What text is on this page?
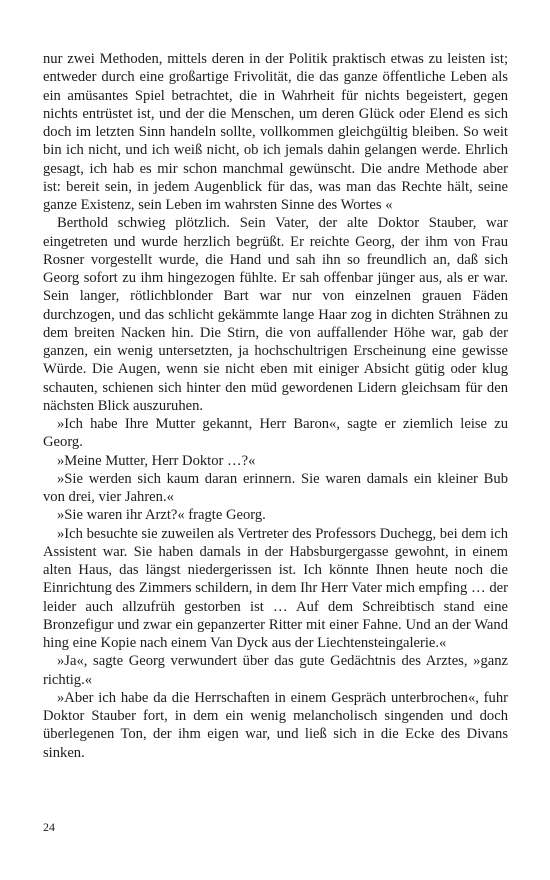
nur zwei Methoden, mittels deren in der Politik praktisch etwas zu leisten ist; entweder durch eine großartige Frivolität, die das ganze öffentliche Leben als ein amüsantes Spiel betrachtet, die in Wahrheit für nichts begeistert, gegen nichts entrüstet ist, und der die Menschen, um deren Glück oder Elend es sich doch im letzten Sinn handeln sollte, vollkommen gleichgültig bleiben. So weit bin ich nicht, und ich weiß nicht, ob ich jemals dahin gelangen werde. Ehrlich gesagt, ich hab es mir schon manchmal gewünscht. Die andre Methode aber ist: bereit sein, in jedem Augenblick für das, was man das Rechte hält, seine ganze Existenz, sein Leben im wahrsten Sinne des Wortes «

Berthold schwieg plötzlich. Sein Vater, der alte Doktor Stauber, war eingetreten und wurde herzlich begrüßt. Er reichte Georg, der ihm von Frau Rosner vorgestellt wurde, die Hand und sah ihn so freundlich an, daß sich Georg sofort zu ihm hingezogen fühlte. Er sah offenbar jünger aus, als er war. Sein langer, rötlichblonder Bart war nur von einzelnen grauen Fäden durchzogen, und das schlicht gekämmte lange Haar zog in dichten Strähnen zu dem breiten Nacken hin. Die Stirn, die von auffallender Höhe war, gab der ganzen, ein wenig untersetzten, ja hochschultrigen Erscheinung eine gewisse Würde. Die Augen, wenn sie nicht eben mit einiger Absicht gütig oder klug schauten, schienen sich hinter den müd gewordenen Lidern gleichsam für den nächsten Blick auszuruhen.

»Ich habe Ihre Mutter gekannt, Herr Baron«, sagte er ziemlich leise zu Georg.

»Meine Mutter, Herr Doktor …?«

»Sie werden sich kaum daran erinnern. Sie waren damals ein kleiner Bub von drei, vier Jahren.«

»Sie waren ihr Arzt?« fragte Georg.

»Ich besuchte sie zuweilen als Vertreter des Professors Duchegg, bei dem ich Assistent war. Sie haben damals in der Habsburgergasse gewohnt, in einem alten Haus, das längst niedergerissen ist. Ich könnte Ihnen heute noch die Einrichtung des Zimmers schildern, in dem Ihr Herr Vater mich empfing … der leider auch allzufrüh gestorben ist … Auf dem Schreibtisch stand eine Bronzefigur und zwar ein gepanzerter Ritter mit einer Fahne. Und an der Wand hing eine Kopie nach einem Van Dyck aus der Liechtensteingalerie.«

»Ja«, sagte Georg verwundert über das gute Gedächtnis des Arztes, »ganz richtig.«

»Aber ich habe da die Herrschaften in einem Gespräch unterbrochen«, fuhr Doktor Stauber fort, in dem ein wenig melancholisch singenden und doch überlegenen Ton, der ihm eigen war, und ließ sich in die Ecke des Divans sinken.

24
